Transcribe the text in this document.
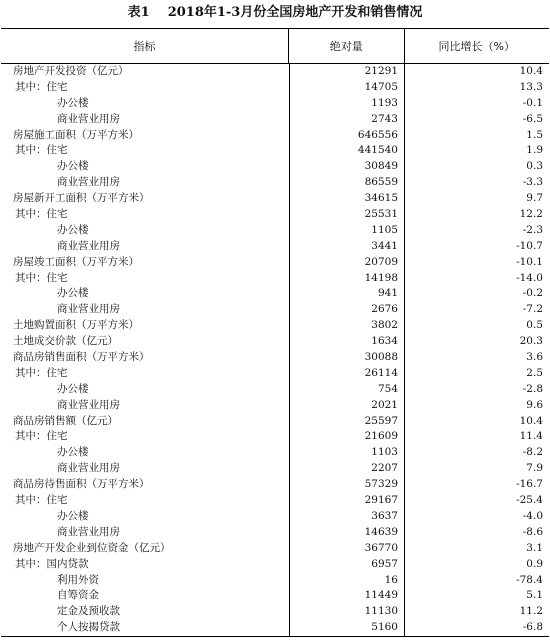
表1 2018年1-3月份全国房地产开发和销售情况
指标	绝对量	同比增长（%）
房地产开发投资（亿元）	21291	10.4
其中：住宅	14705	13.3
办公楼	1193	-0.1
商业营业用房	2743	-6.5
房屋施工面积（万平方米）	646556	1.5
其中：住宅	441540	1.9
办公楼	30849	0.3
商业营业用房	86559	-3.3
房屋新开工面积（万平方米）	34615	9.7
其中：住宅	25531	12.2
办公楼	1105	-2.3
商业营业用房	3441	-10.7
房屋竣工面积（万平方米）	20709	-10.1
其中：住宅	14198	-14.0
办公楼	941	-0.2
商业营业用房	2676	-7.2
土地购置面积（万平方米）	3802	0.5
土地成交价款（亿元）	1634	20.3
商品房销售面积（万平方米）	30088	3.6
其中：住宅	26114	2.5
办公楼	754	-2.8
商业营业用房	2021	9.6
商品房销售额（亿元）	25597	10.4
其中：住宅	21609	11.4
办公楼	1103	-8.2
商业营业用房	2207	7.9
商品房待售面积（万平方米）	57329	-16.7
其中：住宅	29167	-25.4
办公楼	3637	-4.0
商业营业用房	14639	-8.6
房地产开发企业到位资金（亿元）	36770	3.1
其中：国内贷款	6957	0.9
利用外资	16	-78.4
自筹资金	11449	5.1
定金及预收款	11130	11.2
个人按揭贷款	5160	-6.8
